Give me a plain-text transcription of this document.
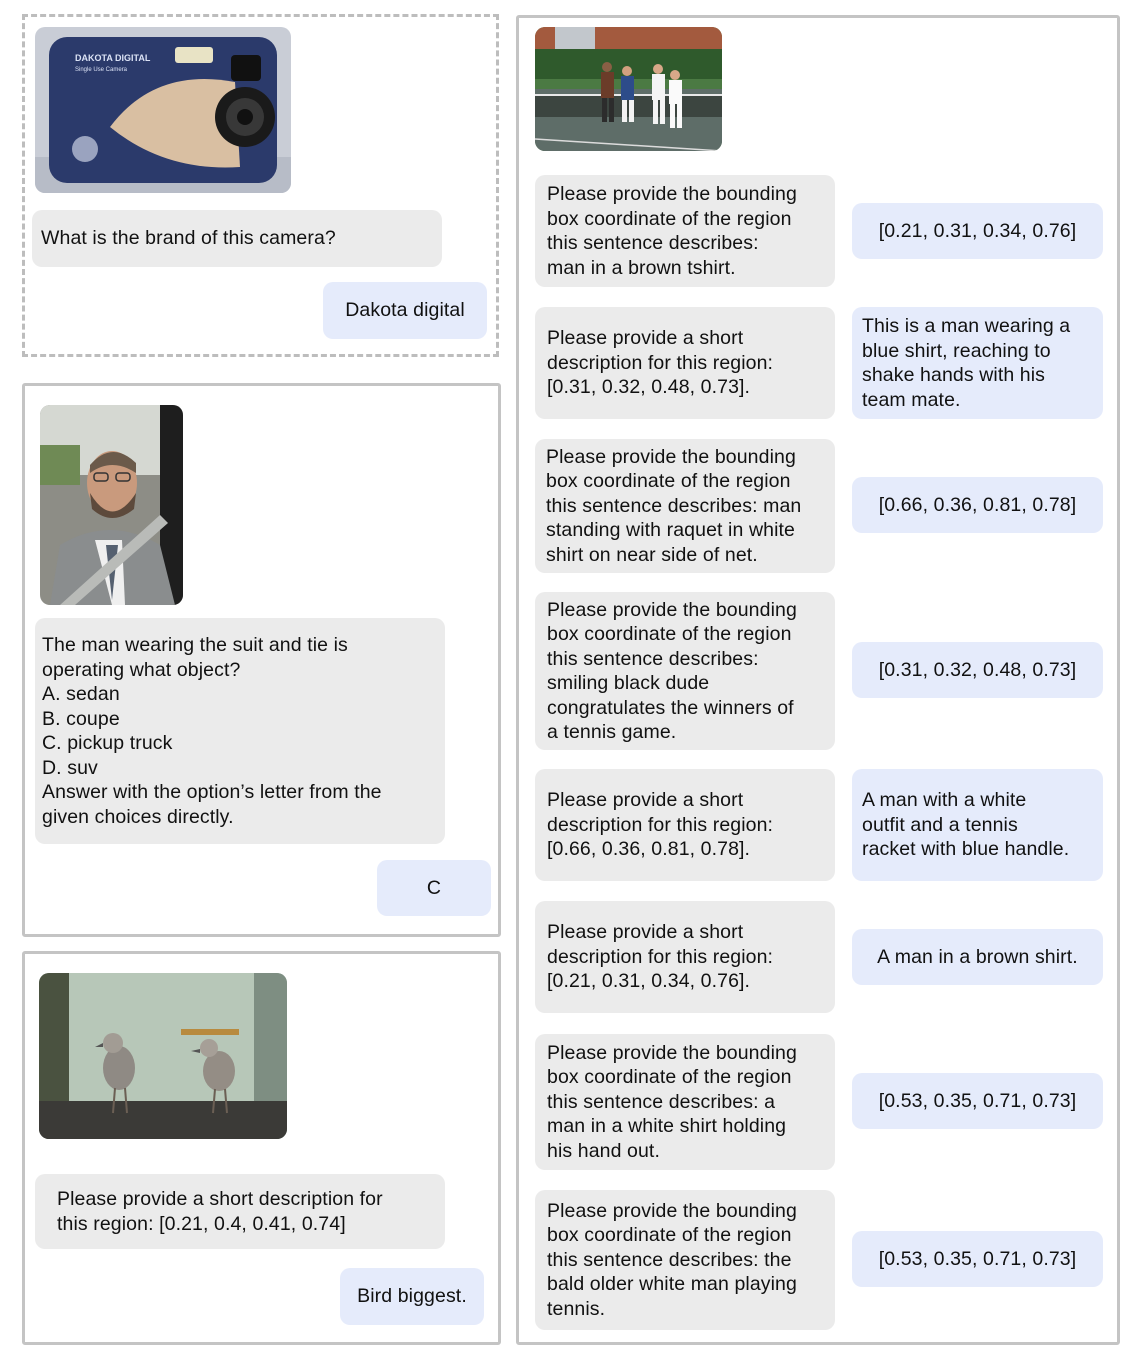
DAKOTA DIGITAL
Single Use Camera
What is the brand of this camera?
Dakota digital
The man wearing the suit and tie is
operating what object?
A. sedan
B. coupe
C. pickup truck
D. suv
Answer with the option’s letter from the
given choices directly.
C
Please provide a short description for
this region: [0.21, 0.4, 0.41, 0.74]
Bird biggest.
Please provide the bounding
box coordinate of the region
this sentence describes:
man in a brown tshirt.
[0.21, 0.31, 0.34, 0.76]
Please provide a short
description for this region:
[0.31, 0.32, 0.48, 0.73].
This is a man wearing a
blue shirt, reaching to
shake hands with his
team mate.
Please provide the bounding
box coordinate of the region
this sentence describes: man
standing with raquet in white
shirt on near side of net.
[0.66, 0.36, 0.81, 0.78]
Please provide the bounding
box coordinate of the region
this sentence describes:
smiling black dude
congratulates the winners of
a tennis game.
[0.31, 0.32, 0.48, 0.73]
Please provide a short
description for this region:
[0.66, 0.36, 0.81, 0.78].
A man with a white
outfit and a tennis
racket with blue handle.
Please provide a short
description for this region:
[0.21, 0.31, 0.34, 0.76].
A man in a brown shirt.
Please provide the bounding
box coordinate of the region
this sentence describes: a
man in a white shirt holding
his hand out.
[0.53, 0.35, 0.71, 0.73]
Please provide the bounding
box coordinate of the region
this sentence describes: the
bald older white man playing
tennis.
[0.53, 0.35, 0.71, 0.73]
